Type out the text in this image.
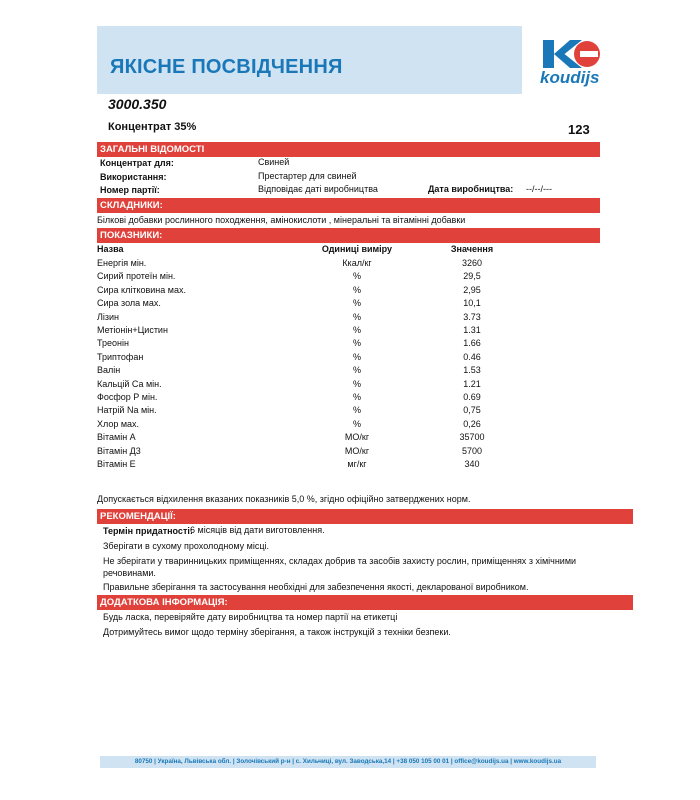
ЯКІСНЕ ПОСВІДЧЕННЯ	koudijs
3000.350
Концентрат 35%	123
ЗАГАЛЬНІ ВІДОМОСТІ
Концентрат для:	Свиней
Використання:	Престартер для свиней
Номер партії:	Відповідає даті виробництва	Дата виробництва: --/--/---
СКЛАДНИКИ:
Білкові добавки рослинного походження, амінокислоти , мінеральні та вітамінні добавки
ПОКАЗНИКИ:
Назва	Одиниці виміру	Значення
Енергія мін.	Ккал/кг	3260
Сирий протеїн мін.	%	29,5
Сира клітковина мах.	%	2,95
Сира зола мах.	%	10,1
Лізин	%	3.73
Метіонін+Цистин	%	1.31
Треонін	%	1.66
Триптофан	%	0.46
Валін	%	1.53
Кальцій Са мін.	%	1.21
Фосфор Р мін.	%	0.69
Натрій Na мін.	%	0,75
Хлор мах.	%	0,26
Вітамін А	МО/кг	35700
Вітамін Д3	МО/кг	5700
Вітамін Е	мг/кг	340
Допускається відхилення вказаних показників 5,0 %, згідно офіційно затверджених норм.
РЕКОМЕНДАЦІЇ:
Термін придатності:
6 місяців від дати виготовлення.
Зберігати в сухому прохолодному місці.
Не зберігати у тваринницьких приміщеннях, складах добрив та засобів захисту рослин, приміщеннях з хімічними
речовинами.
Правильне зберігання та застосування необхідні для забезпечення якості, декларованої виробником.
ДОДАТКОВА ІНФОРМАЦІЯ:
Будь ласка, перевіряйте дату виробництва та номер партії на етикетці
Дотримуйтесь вимог щодо терміну зберігання, а також інструкцій з техніки безпеки.
80750 | Україна, Львівська обл. | Золочівський р-н | с. Хильчиці, вул. Заводська,14 | +38 050 105 00 01 | office@koudijs.ua | www.koudijs.ua
